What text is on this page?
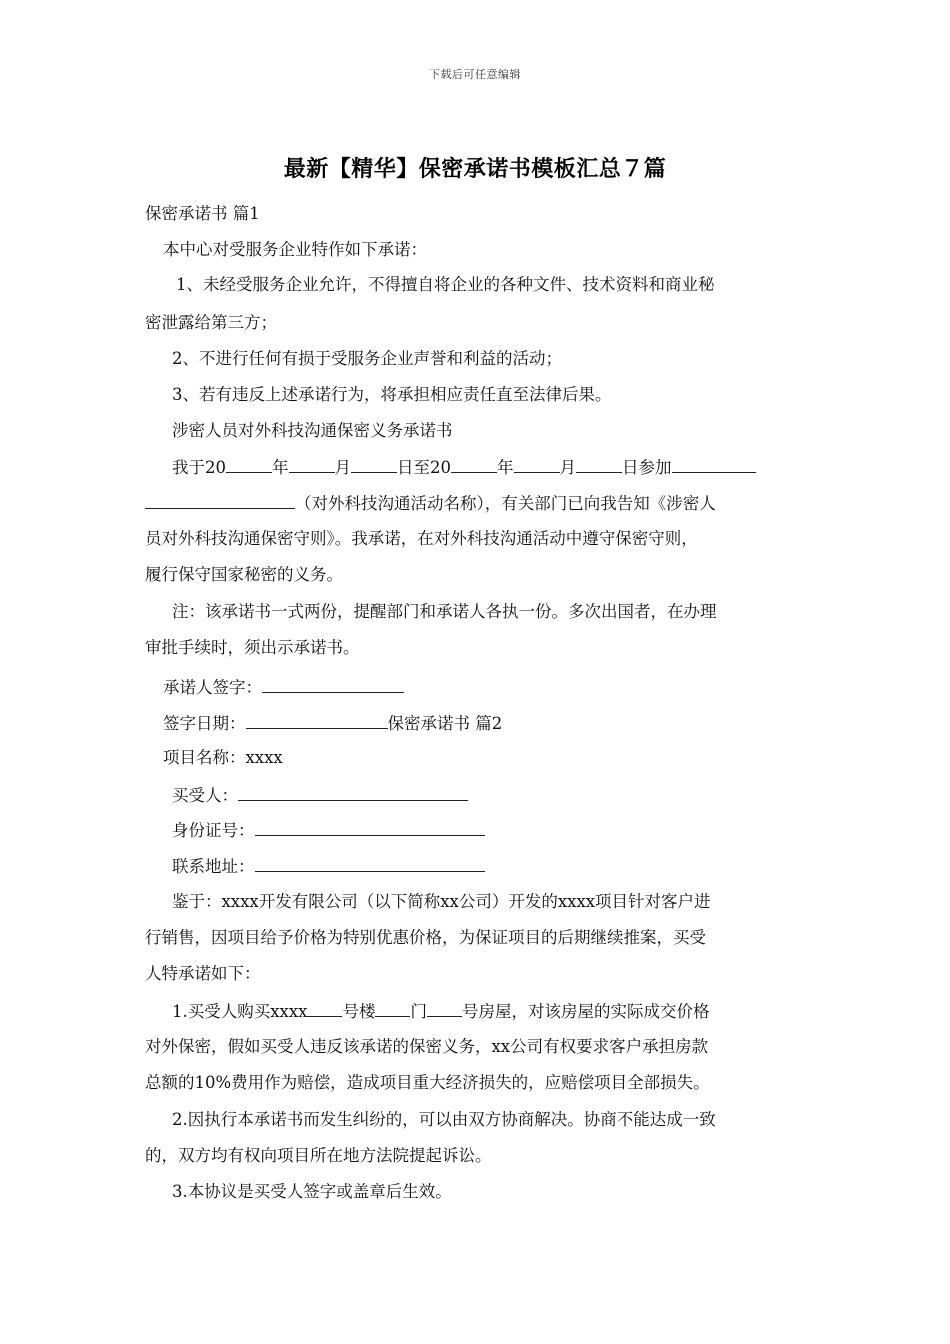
下载后可任意编辑
最新【精华】保密承诺书模板汇总７篇
保密承诺书 篇1
本中心对受服务企业特作如下承诺：
1、未经受服务企业允许，不得擅自将企业的各种文件、技术资料和商业秘
密泄露给第三方；
2、不进行任何有损于受服务企业声誉和利益的活动；
3、若有违反上述承诺行为，将承担相应责任直至法律后果。
涉密人员对外科技沟通保密义务承诺书
我于20	年	月	日至20	年	月	日参加
（对外科技沟通活动名称），有关部门已向我告知《涉密人
员对外科技沟通保密守则》。我承诺，在对外科技沟通活动中遵守保密守则，
履行保守国家秘密的义务。
注：该承诺书一式两份，提醒部门和承诺人各执一份。多次出国者，在办理
审批手续时，须出示承诺书。
承诺人签字：
签字日期：	保密承诺书 篇2
项目名称：xxxx
买受人：
身份证号：
联系地址：
鉴于：xxxx开发有限公司（以下简称xx公司）开发的xxxx项目针对客户进
行销售，因项目给予价格为特别优惠价格，为保证项目的后期继续推案，买受
人特承诺如下：
1.买受人购买xxxx 号楼 门 号房屋，对该房屋的实际成交价格
对外保密，假如买受人违反该承诺的保密义务，xx公司有权要求客户承担房款
总额的10%费用作为赔偿，造成项目重大经济损失的，应赔偿项目全部损失。
2.因执行本承诺书而发生纠纷的，可以由双方协商解决。协商不能达成一致
的，双方均有权向项目所在地方法院提起诉讼。
3.本协议是买受人签字或盖章后生效。
